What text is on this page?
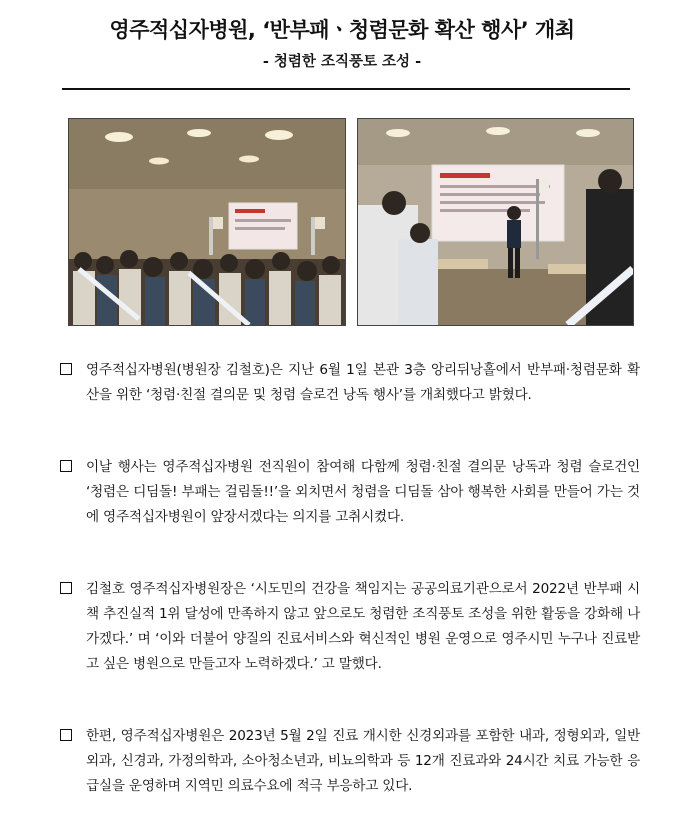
영주적십자병원, ‘반부패ㆍ청렴문화 확산 행사’ 개최
- 청렴한 조직풍토 조성 -

영주적십자병원(병원장 김철호)은 지난 6월 1일 본관 3층 앙리뒤낭홀에서 반부패·청렴문화 확산을 위한 ‘청렴·친절 결의문 및 청렴 슬로건 낭독 행사’를 개최했다고 밝혔다.

이날 행사는 영주적십자병원 전직원이 참여해 다함께 청렴·친절 결의문 낭독과 청렴 슬로건인 ‘청렴은 디딤돌! 부패는 걸림돌!!’을 외치면서 청렴을 디딤돌 삼아 행복한 사회를 만들어 가는 것에 영주적십자병원이 앞장서겠다는 의지를 고취시켰다.

김철호 영주적십자병원장은 ‘시도민의 건강을 책임지는 공공의료기관으로서 2022년 반부패 시책 추진실적 1위 달성에 만족하지 않고 앞으로도 청렴한 조직풍토 조성을 위한 활동을 강화해 나가겠다.’ 며 ‘이와 더불어 양질의 진료서비스와 혁신적인 병원 운영으로 영주시민 누구나 진료받고 싶은 병원으로 만들고자 노력하겠다.’ 고 말했다.

한편, 영주적십자병원은 2023년 5월 2일 진료 개시한 신경외과를 포함한 내과, 정형외과, 일반외과, 신경과, 가정의학과, 소아청소년과, 비뇨의학과 등 12개 진료과와 24시간 치료 가능한 응급실을 운영하며 지역민 의료수요에 적극 부응하고 있다.
